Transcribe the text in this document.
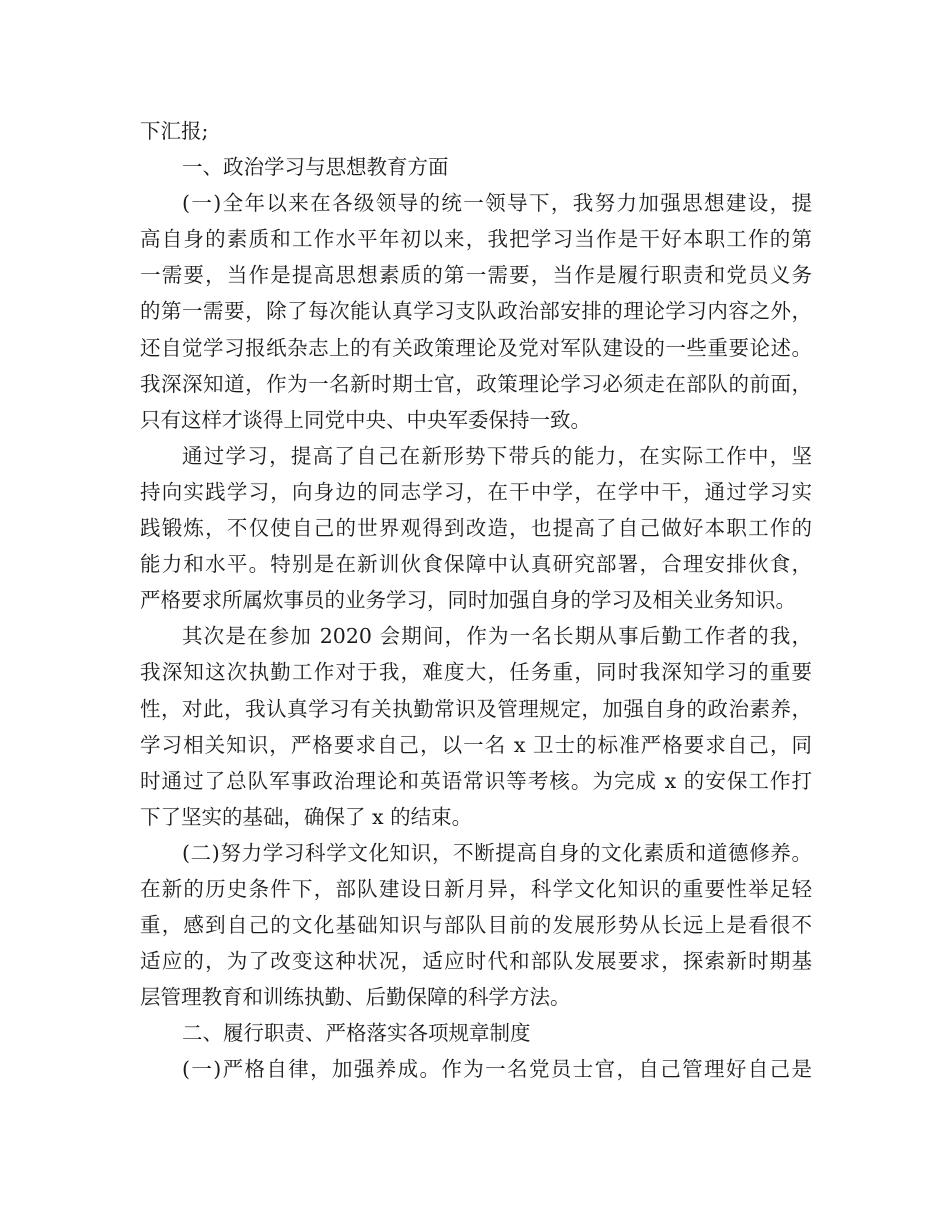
下汇报;
一、政治学习与思想教育方面
(一)全年以来在各级领导的统一领导下，我努力加强思想建设，提
高自身的素质和工作水平年初以来，我把学习当作是干好本职工作的第
一需要，当作是提高思想素质的第一需要，当作是履行职责和党员义务
的第一需要，除了每次能认真学习支队政治部安排的理论学习内容之外，
还自觉学习报纸杂志上的有关政策理论及党对军队建设的一些重要论述。
我深深知道，作为一名新时期士官，政策理论学习必须走在部队的前面，
只有这样才谈得上同党中央、中央军委保持一致。
通过学习，提高了自己在新形势下带兵的能力，在实际工作中，坚
持向实践学习，向身边的同志学习，在干中学，在学中干，通过学习实
践锻炼，不仅使自己的世界观得到改造，也提高了自己做好本职工作的
能力和水平。特别是在新训伙食保障中认真研究部署，合理安排伙食，
严格要求所属炊事员的业务学习，同时加强自身的学习及相关业务知识。
其次是在参加 2020 会期间，作为一名长期从事后勤工作者的我，
我深知这次执勤工作对于我，难度大，任务重，同时我深知学习的重要
性，对此，我认真学习有关执勤常识及管理规定，加强自身的政治素养，
学习相关知识，严格要求自己，以一名 x 卫士的标准严格要求自己，同
时通过了总队军事政治理论和英语常识等考核。为完成 x 的安保工作打
下了坚实的基础，确保了 x 的结束。
(二)努力学习科学文化知识，不断提高自身的文化素质和道德修养。
在新的历史条件下，部队建设日新月异，科学文化知识的重要性举足轻
重，感到自己的文化基础知识与部队目前的发展形势从长远上是看很不
适应的，为了改变这种状况，适应时代和部队发展要求，探索新时期基
层管理教育和训练执勤、后勤保障的科学方法。
二、履行职责、严格落实各项规章制度
(一)严格自律，加强养成。作为一名党员士官，自己管理好自己是
